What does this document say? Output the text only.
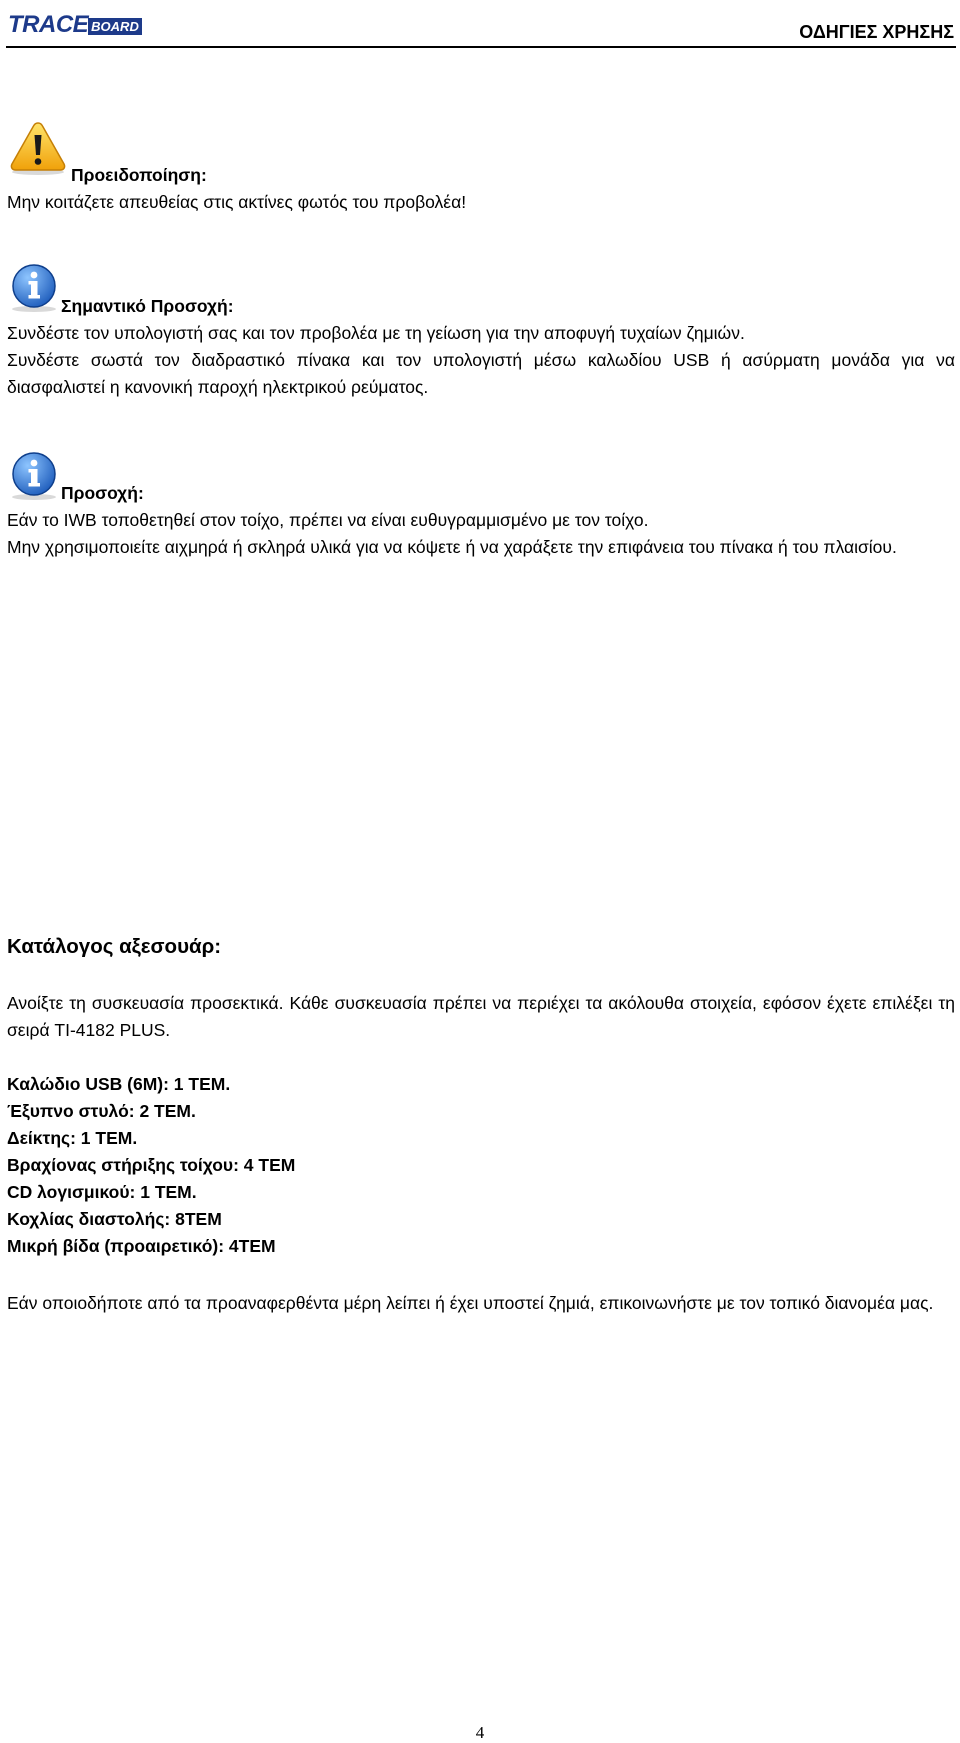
TRACE BOARD	ΟΔΗΓΙΕΣ ΧΡΗΣΗΣ
Προειδοποίηση:
Μην κοιτάζετε απευθείας στις ακτίνες φωτός του προβολέα!
Σημαντικό Προσοχή:

Συνδέστε τον υπολογιστή σας και τον προβολέα με τη γείωση για την αποφυγή τυχαίων ζημιών.

Συνδέστε σωστά τον διαδραστικό πίνακα και τον υπολογιστή μέσω καλωδίου USB ή ασύρματη μονάδα για να διασφαλιστεί η κανονική παροχή ηλεκτρικού ρεύματος.

Προσοχή:

Εάν το IWB τοποθετηθεί στον τοίχο, πρέπει να είναι ευθυγραμμισμένο με τον τοίχο.

Μην χρησιμοποιείτε αιχμηρά ή σκληρά υλικά για να κόψετε ή να χαράξετε την επιφάνεια του πίνακα ή του πλαισίου.

Κατάλογος αξεσουάρ:
Ανοίξτε τη συσκευασία προσεκτικά. Κάθε συσκευασία πρέπει να περιέχει τα ακόλουθα στοιχεία, εφόσον έχετε επιλέξει τη σειρά TI-4182 PLUS.
Καλώδιο USB (6M): 1 ΤΕΜ.
Έξυπνο στυλό: 2 ΤΕΜ.
Δείκτης: 1 ΤΕΜ.
Βραχίονας στήριξης τοίχου: 4 ΤΕΜ
CD λογισμικού: 1 ΤΕΜ.
Κοχλίας διαστολής: 8ΤΕΜ
Μικρή βίδα (προαιρετικό): 4ΤΕΜ
Εάν οποιοδήποτε από τα προαναφερθέντα μέρη λείπει ή έχει υποστεί ζημιά, επικοινωνήστε με τον τοπικό διανομέα μας.
4
